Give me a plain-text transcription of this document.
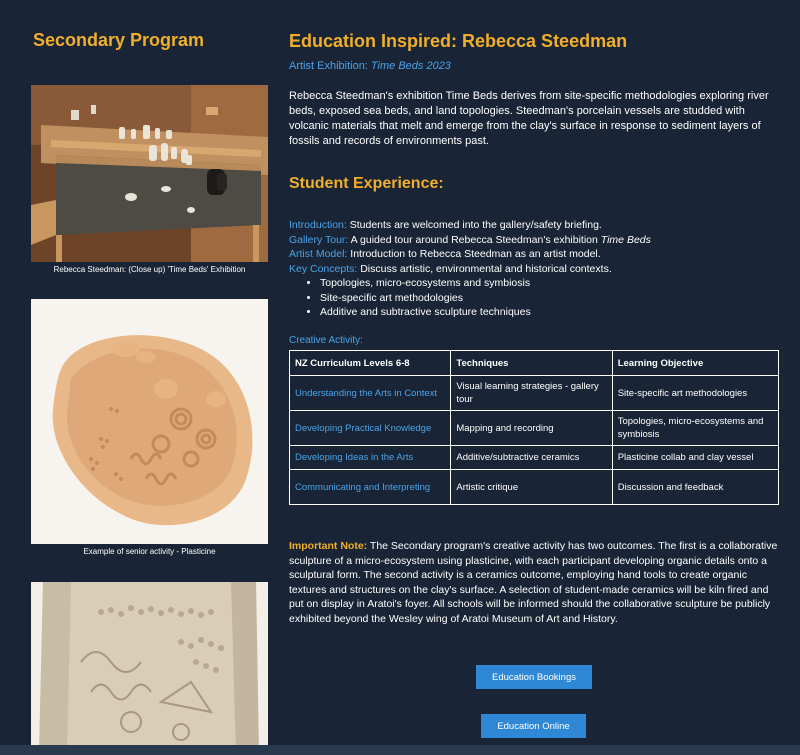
Secondary Program
Rebecca Steedman: (Close up) 'Time Beds' Exhibition
Example of senior activity - Plasticine
Education Inspired: Rebecca Steedman
Artist Exhibition: Time Beds 2023

Rebecca Steedman's exhibition Time Beds derives from site-specific methodologies exploring river beds, exposed sea beds, and land topologies. Steedman's porcelain vessels are studded with volcanic materials that melt and emerge from the clay's surface in response to sediment layers of fossils and records of environments past.

Student Experience:
Introduction: Students are welcomed into the gallery/safety briefing.
Gallery Tour: A guided tour around Rebecca Steedman's exhibition Time Beds
Artist Model: Introduction to Rebecca Steedman as an artist model.
Key Concepts: Discuss artistic, environmental and historical contexts.
• Topologies, micro-ecosystems and symbiosis
• Site-specific art methodologies
• Additive and subtractive sculpture techniques
Creative Activity:
NZ Curriculum Levels 6-8	Techniques	Learning Objective
Understanding the Arts in Context	Visual learning strategies - gallery tour	Site-specific art methodologies
Developing Practical Knowledge	Mapping and recording	Topologies, micro-ecosystems and symbiosis
Developing Ideas in the Arts	Additive/subtractive ceramics	Plasticine collab and clay vessel
Communicating and Interpreting	Artistic critique	Discussion and feedback

Important Note: The Secondary program's creative activity has two outcomes. The first is a collaborative sculpture of a micro-ecosystem using plasticine, with each participant developing organic details onto a sculptural form. The second activity is a ceramics outcome, employing hand tools to create organic textures and structures on the clay's surface. A selection of student-made ceramics will be kiln fired and put on display in Aratoi's foyer. All schools will be informed should the collaborative sculpture be publicly exhibited beyond the Wesley wing of Aratoi Museum of Art and History.

Education Bookings
Education Online
